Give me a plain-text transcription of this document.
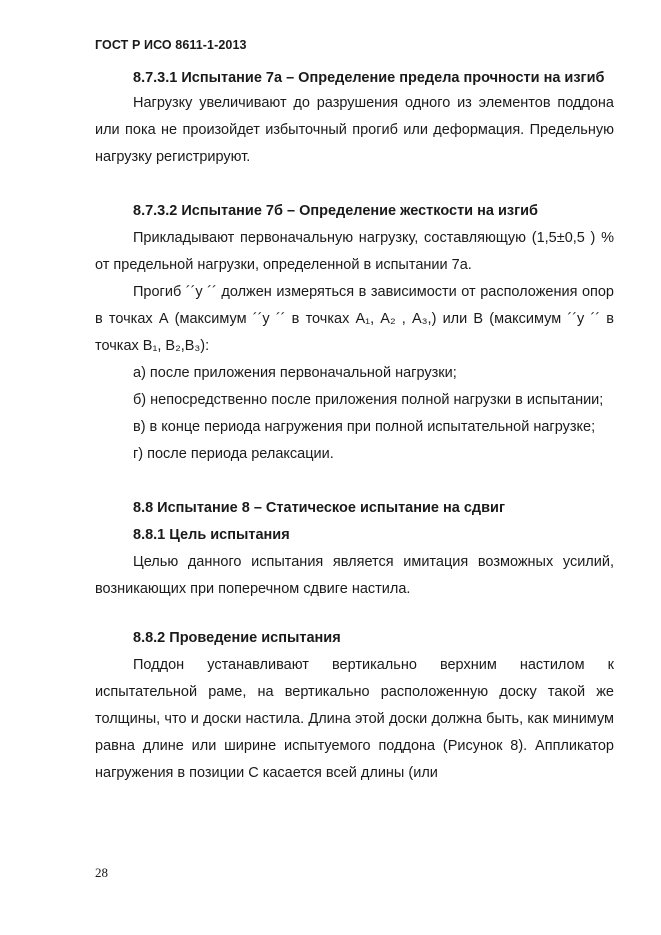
ГОСТ Р ИСО 8611-1-2013
8.7.3.1 Испытание 7а – Определение предела прочности на изгиб

Нагрузку увеличивают до разрушения одного из элементов поддона или пока не произойдет избыточный прогиб или деформация. Предельную нагрузку регистрируют.

8.7.3.2 Испытание 7б – Определение жесткости на изгиб

Прикладывают первоначальную нагрузку, составляющую (1,5±0,5 ) % от предельной нагрузки, определенной в испытании 7а.

Прогиб ´´y ´´ должен измеряться в зависимости от расположения опор в точках А (максимум ´´y ´´ в точках А₁, А₂ , А₃,) или В (максимум ´´y ´´ в точках В₁, В₂,В₃):

а) после приложения первоначальной нагрузки;

б) непосредственно после приложения полной нагрузки в испытании;

в) в конце периода нагружения при полной испытательной нагрузке;

г) после периода релаксации.

8.8 Испытание 8 – Статическое испытание на сдвиг
8.8.1 Цель испытания

Целью данного испытания является имитация возможных усилий, возникающих при поперечном сдвиге настила.

8.8.2 Проведение испытания

Поддон устанавливают вертикально верхним настилом к испытательной раме, на вертикально расположенную доску такой же толщины, что и доски настила. Длина этой доски должна быть, как минимум равна длине или ширине испытуемого поддона (Рисунок 8). Аппликатор нагружения в позиции С касается всей длины (или

28
